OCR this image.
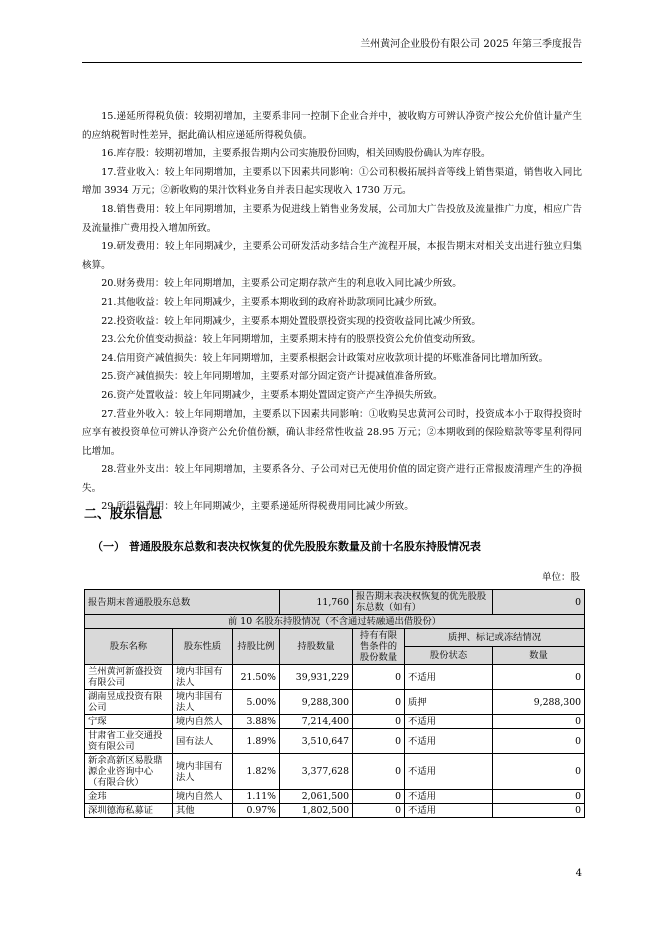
兰州黄河企业股份有限公司 2025 年第三季度报告

15.递延所得税负债：较期初增加，主要系非同一控制下企业合并中，被收购方可辨认净资产按公允价值计量产生的应纳税暂时性差异，据此确认相应递延所得税负债。

16.库存股：较期初增加，主要系报告期内公司实施股份回购，相关回购股份确认为库存股。

17.营业收入：较上年同期增加，主要系以下因素共同影响：①公司积极拓展抖音等线上销售渠道，销售收入同比增加 3934 万元；②新收购的果汁饮料业务自并表日起实现收入 1730 万元。

18.销售费用：较上年同期增加，主要系为促进线上销售业务发展，公司加大广告投放及流量推广力度，相应广告及流量推广费用投入增加所致。

19.研发费用：较上年同期减少，主要系公司研发活动多结合生产流程开展，本报告期末对相关支出进行独立归集核算。

20.财务费用：较上年同期增加，主要系公司定期存款产生的利息收入同比减少所致。

21.其他收益：较上年同期减少，主要系本期收到的政府补助款项同比减少所致。

22.投资收益：较上年同期减少，主要系本期处置股票投资实现的投资收益同比减少所致。

23.公允价值变动损益：较上年同期增加，主要系期末持有的股票投资公允价值变动所致。

24.信用资产减值损失：较上年同期增加，主要系根据会计政策对应收款项计提的坏账准备同比增加所致。

25.资产减值损失：较上年同期增加，主要系对部分固定资产计提减值准备所致。

26.资产处置收益：较上年同期减少，主要系本期处置固定资产产生净损失所致。

27.营业外收入：较上年同期增加，主要系以下因素共同影响：①收购吴忠黄河公司时，投资成本小于取得投资时应享有被投资单位可辨认净资产公允价值份额，确认非经常性收益 28.95 万元；②本期收到的保险赔款等零星利得同比增加。

28.营业外支出：较上年同期增加，主要系各分、子公司对已无使用价值的固定资产进行正常报废清理产生的净损失。

29.所得税费用：较上年同期减少，主要系递延所得税费用同比减少所致。

二、股东信息
（一） 普通股股东总数和表决权恢复的优先股股东数量及前十名股东持股情况表
单位：股
报告期末普通股股东总数			11,760	报告期末表决权恢复的优先股股东总数（如有）		0
前 10 名股东持股情况（不含通过转融通出借股份）						
股东名称	股东性质	持股比例	持股数量	持有有限售条件的股份数量	质押、标记或冻结情况	
					股份状态	数量
兰州黄河新盛投资有限公司	境内非国有法人	21.50%	39,931,229	0	不适用	0
湖南昱成投资有限公司	境内非国有法人	5.00%	9,288,300	0	质押	9,288,300
宁琛	境内自然人	3.88%	7,214,400	0	不适用	0
甘肃省工业交通投资有限公司	国有法人	1.89%	3,510,647	0	不适用	0
新余高新区易股鼎源企业咨询中心（有限合伙）	境内非国有法人	1.82%	3,377,628	0	不适用	0
金玮	境内自然人	1.11%	2,061,500	0	不适用	0
深圳德海私募证	其他	0.97%	1,802,500	0	不适用	0
4
